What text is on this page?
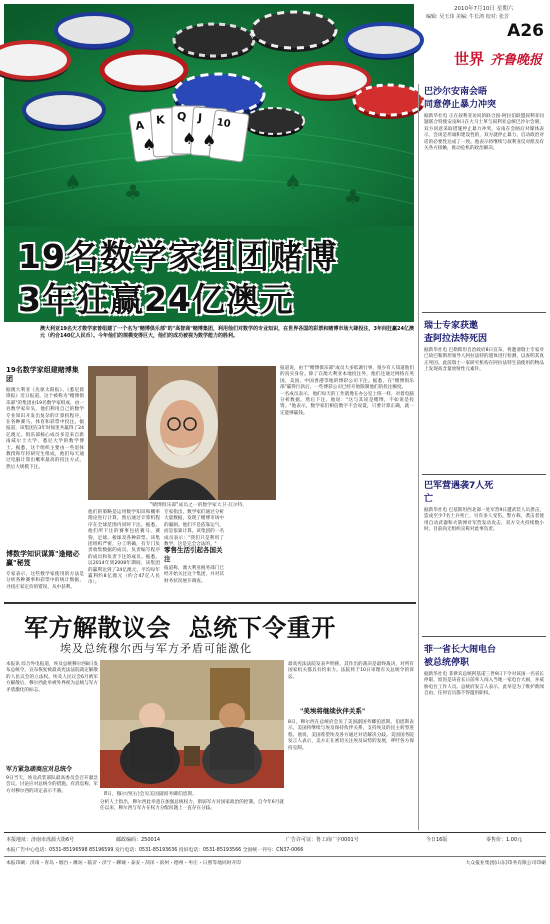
2010年7月10日 星期六
编辑: 吴玉玮 美编: 牛长鸿 校对: 张芳
A26
世界 齐鲁晚报
A K Q J 10
♠ ♠
♠
♠ ♣	♠
♣
19名数学家组团赌博
3年狂赢24亿澳元
澳大利亚19名天才数学家曾组建了一个名为"赌博俱乐部"的"高智商"赌博集团，利用他们对数学的专业知识，在世界各国的彩票和赌博市场大肆投注，3年间狂赢24亿澳元（约合140亿人民币）。今年他们的规模变得巨大，他们的成功被视为数学能力的胜利。
19名数学家组建赌博集团
据澳大利亚《先驱太阳报》、《悉尼晨锋报》近日报道，这个被称为"赌博俱乐部"的集团由19名数学家组成，由一名数学家牵头，他们利用自己的数学专业知识开发出复杂的计算机程序，在各种赛马、体育和彩票中投注。据报道，该集团在3年时间里共赢得了24亿澳元。俱乐部核心成员多是来自新南威尔士大学、悉尼大学的数学博士。据悉，这个组织主要由一些退休教授和年轻研究生组成，他们每天通过电脑计算出概率最高的投注方式，然后大规模下注。
博数学知识谋算"逢赌必赢"秘笈
专家表示，这些数学家使用的方法是分析各种赛事和彩票中的统计数据，寻找庄家定价的错误，从中获利。
"赌博俱乐部"成员之一的数学家大卫·瓦尔特。
他们的策略是运用数学知识和概率理论进行计算，然后通过计算机程序在全球范围内同时下注。据悉，他们所下注的赛事包括赛马、赛狗、足球、板球及各种彩票。该集团组织严密，分工明确，有专门负责收集数据的成员、负责编写程序的成员和负责下注的成员。据悉，以2014年到2008年期间，该集团的赢利达到了24亿澳元，平均每年赢利约8亿澳元（约合47亿人民币）。
专家指出，数学家们通过分析大量数据，发现了赌博市场中的漏洞。他们不是依靠运气，而是依靠计算。该集团的一名成员表示："我们只是利用了数学，这是完全合法的。"
零售生活引起各国关注
报道称，澳大利亚税务部门已经开始关注这个集团，并对其财务状况展开调查。
报道说，由于"赌博俱乐部"成员大多低调行事，很少有人知道他们的真实身份。除了在澳大利亚本地投注外，他们还通过网络在英国、美国、中国香港等地的博彩公司下注。据悉，在"赌博俱乐部"赢得巨款后，一些博彩公司已经开始限制他们的投注额度。
一名成员表示，他们每天的工作就像在办公室上班一样，对着电脑分析数据，然后下注。他说："这与其说是赌博，不如说是投资。"他表示，数学家们相信数字不会说谎，只要计算正确，就一定能够赢钱。
巴沙尔安南会晤
同意停止暴力冲突
据新华社电 正在叙利亚访问的联合国-阿拉伯联盟叙利亚问题联合特使安南9日在大马士革与叙利亚总统巴沙尔会晤，双方同意采取措施停止暴力冲突。安南在会晤后对媒体表示，会谈是坦诚和建设性的，双方就停止暴力、启动政治对话的必要性达成了一致。他表示将继续与叙利亚反对派及有关各方接触，推动危机的政治解决。
瑞士专家获邀
查阿拉法特死因
据新华社电 巴勒斯坦自治政府8日宣布，将邀请瑞士专家对已故巴勒斯坦领导人阿拉法特的遗体进行检测，以查明其真正死因。此前瑞士一家研究机构在阿拉法特生前使用的物品上发现高含量放射性元素钋。
巴军营遇袭7人死亡
据新华社电 巴基斯坦西北部一处军营9日遭武装人员袭击，造成至少7名士兵死亡，另有多人受伤。警方称，袭击者使用自动武器和火箭弹对军营发动攻击，双方交火持续数小时。目前尚无组织宣称对此事负责。
菲一省长大闹电台
被总统停职
据新华社电 菲律宾总统阿基诺三世9日下令对该国一名省长停职，原因是该省长日前率人闯入当地一家电台大闹，并威胁电台工作人员。总统府发言人表示，此举是为了维护新闻自由，任何官员都不得滥用职权。
军方解散议会  总统下令重开
埃及总统穆尔西与军方矛盾可能激化
本报讯 综合外电报道，埃及总统穆尔西8日发布总统令，宣布恢复被最高宪法法院裁定解散的人民议会的立法权。埃及人民议会6月被军方解散后，穆尔西此举被外界视为总统与军方矛盾激化的标志。
军方紧急磋商应对总统令
9日当天，埃及武装部队最高委员会召开紧急会议，讨论应对总统令的措施。有消息称，军方对穆尔西的决定表示不满。
8日，穆尔西(右)会见美国副国务卿伯恩斯。
分析人士指出，穆尔西此举意在加强总统权力，削弱军方对国家政治的控制。自今年6月就任以来，穆尔西与军方在权力分配问题上一直存在分歧。
最高宪法法院发表声明称，其作出的裁决是最终裁决，对所有国家机关都具有约束力。法院将于10日审理有关总统令的诉讼。
"美埃将继续伙伴关系"
8日，穆尔西在总统府会见了美国副国务卿伯恩斯。伯恩斯表示，美国将继续与埃及保持伙伴关系，支持埃及的民主转型进程。他说，美国希望埃及各方通过对话解决分歧。美国国务院发言人表示，美方正在密切关注埃及局势的发展，呼吁各方保持克制。
本报地址：济南市泺源大街6号	邮政编码：250014	广告许可证：鲁工商广字0001号	今日16版	零售价：1.00元
本报广告中心电话：0531-85196598 85196599 发行电话：0531-85193636 投诉电话：0531-85193566 全国统一刊号：CN37-0066
本报印刷：济南・青岛・烟台・潍坊・临沂・济宁・聊城・泰安・菏泽・滨州・德州・枣庄・日照等地同时开印	大众报业集团(山东)印务有限公司印刷
